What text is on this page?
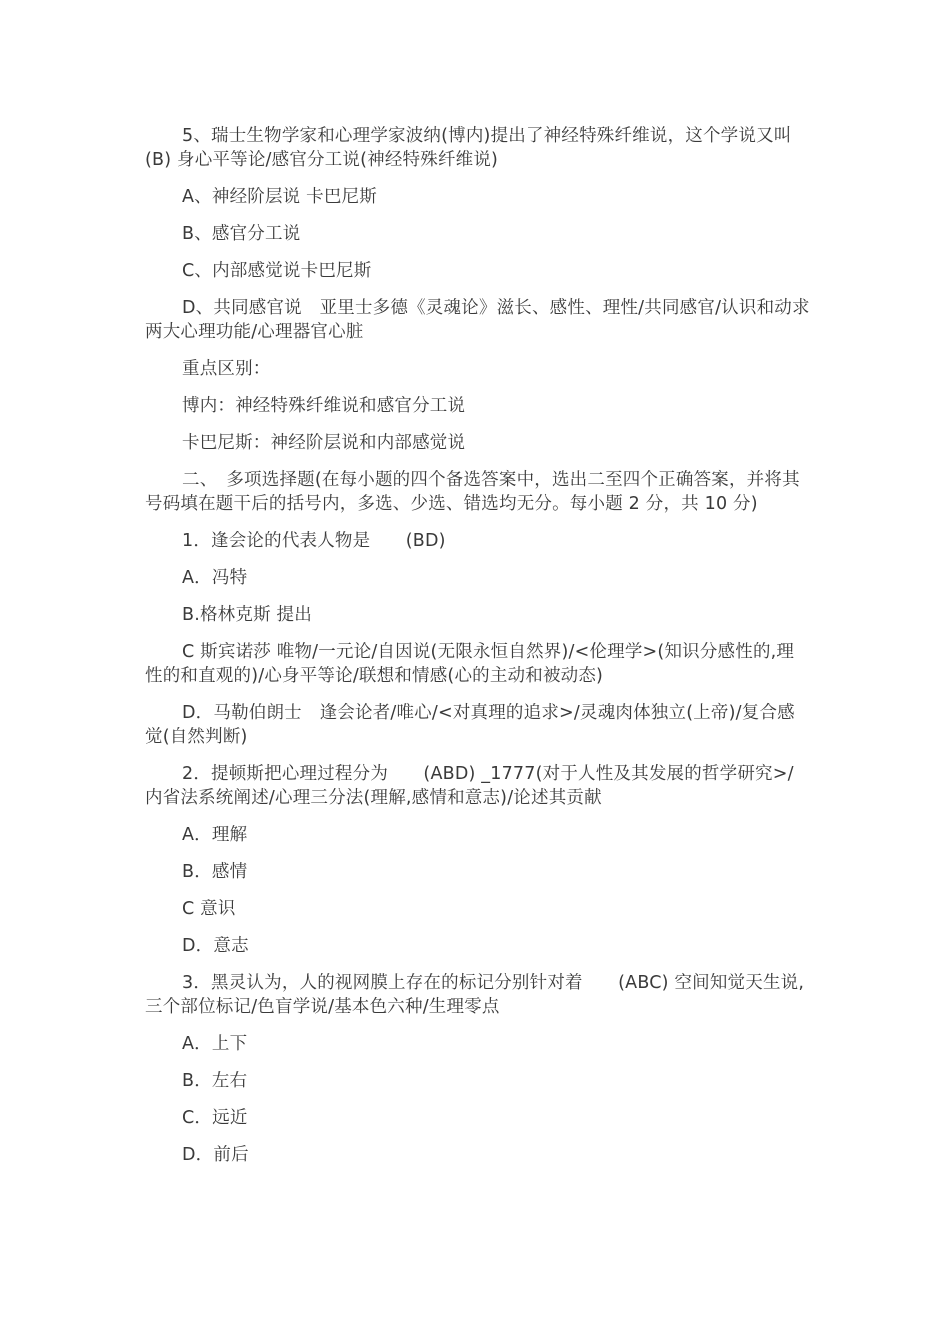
5、瑞士生物学家和心理学家波纳(博内)提出了神经特殊纤维说，这个学说又叫　　(B) 身心平等论/感官分工说(神经特殊纤维说)

A、神经阶层说 卡巴尼斯

B、感官分工说

C、内部感觉说卡巴尼斯

D、共同感官说　亚里士多德《灵魂论》滋长、感性、理性/共同感官/认识和动求两大心理功能/心理器官心脏

重点区别：

博内：神经特殊纤维说和感官分工说

卡巴尼斯：神经阶层说和内部感觉说

二、　多项选择题(在每小题的四个备选答案中，选出二至四个正确答案，并将其号码填在题干后的括号内，多选、少选、错选均无分。每小题 2 分，共 10 分)

1．逢会论的代表人物是　　(BD)

A．冯特

B.格林克斯 提出

C 斯宾诺莎 唯物/一元论/自因说(无限永恒自然界)/<伦理学>(知识分感性的,理性的和直观的)/心身平等论/联想和情感(心的主动和被动态)

D．马勒伯朗士　逢会论者/唯心/<对真理的追求>/灵魂肉体独立(上帝)/复合感觉(自然判断)

2．提顿斯把心理过程分为　　(ABD) _1777(对于人性及其发展的哲学研究>/内省法系统阐述/心理三分法(理解,感情和意志)/论述其贡献

A．理解

B．感情

C 意识

D．意志

3．黑灵认为，人的视网膜上存在的标记分别针对着　　(ABC) 空间知觉天生说,三个部位标记/色盲学说/基本色六种/生理零点

A．上下

B．左右

C．远近

D．前后
